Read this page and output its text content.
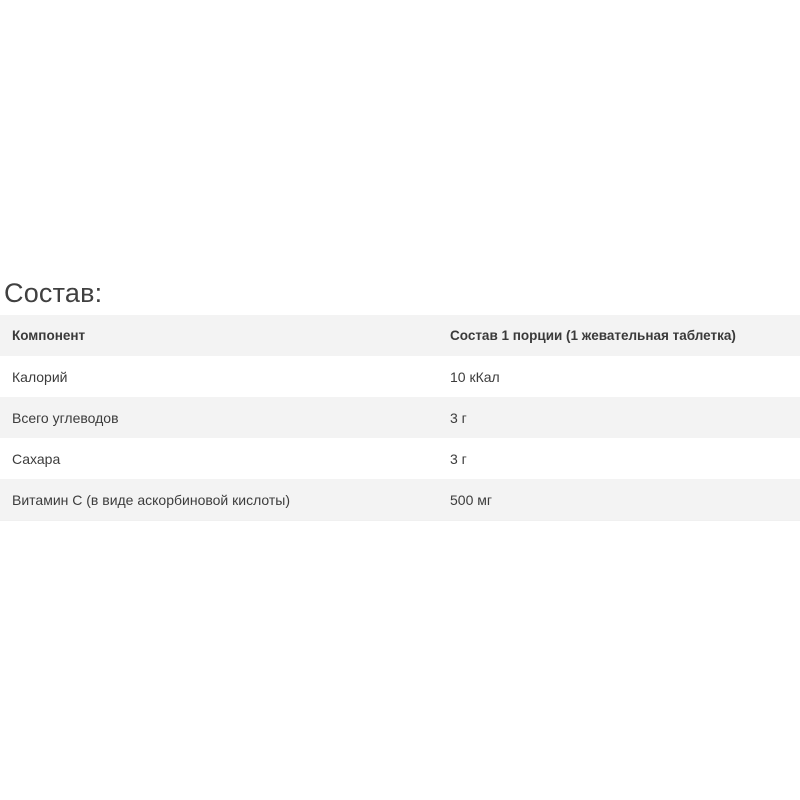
Состав:
Компонент	Состав 1 порции (1 жевательная таблетка)
Калорий	10 кКал
Всего углеводов	3 г
Сахара	3 г
Витамин С (в виде аскорбиновой кислоты)	500 мг
